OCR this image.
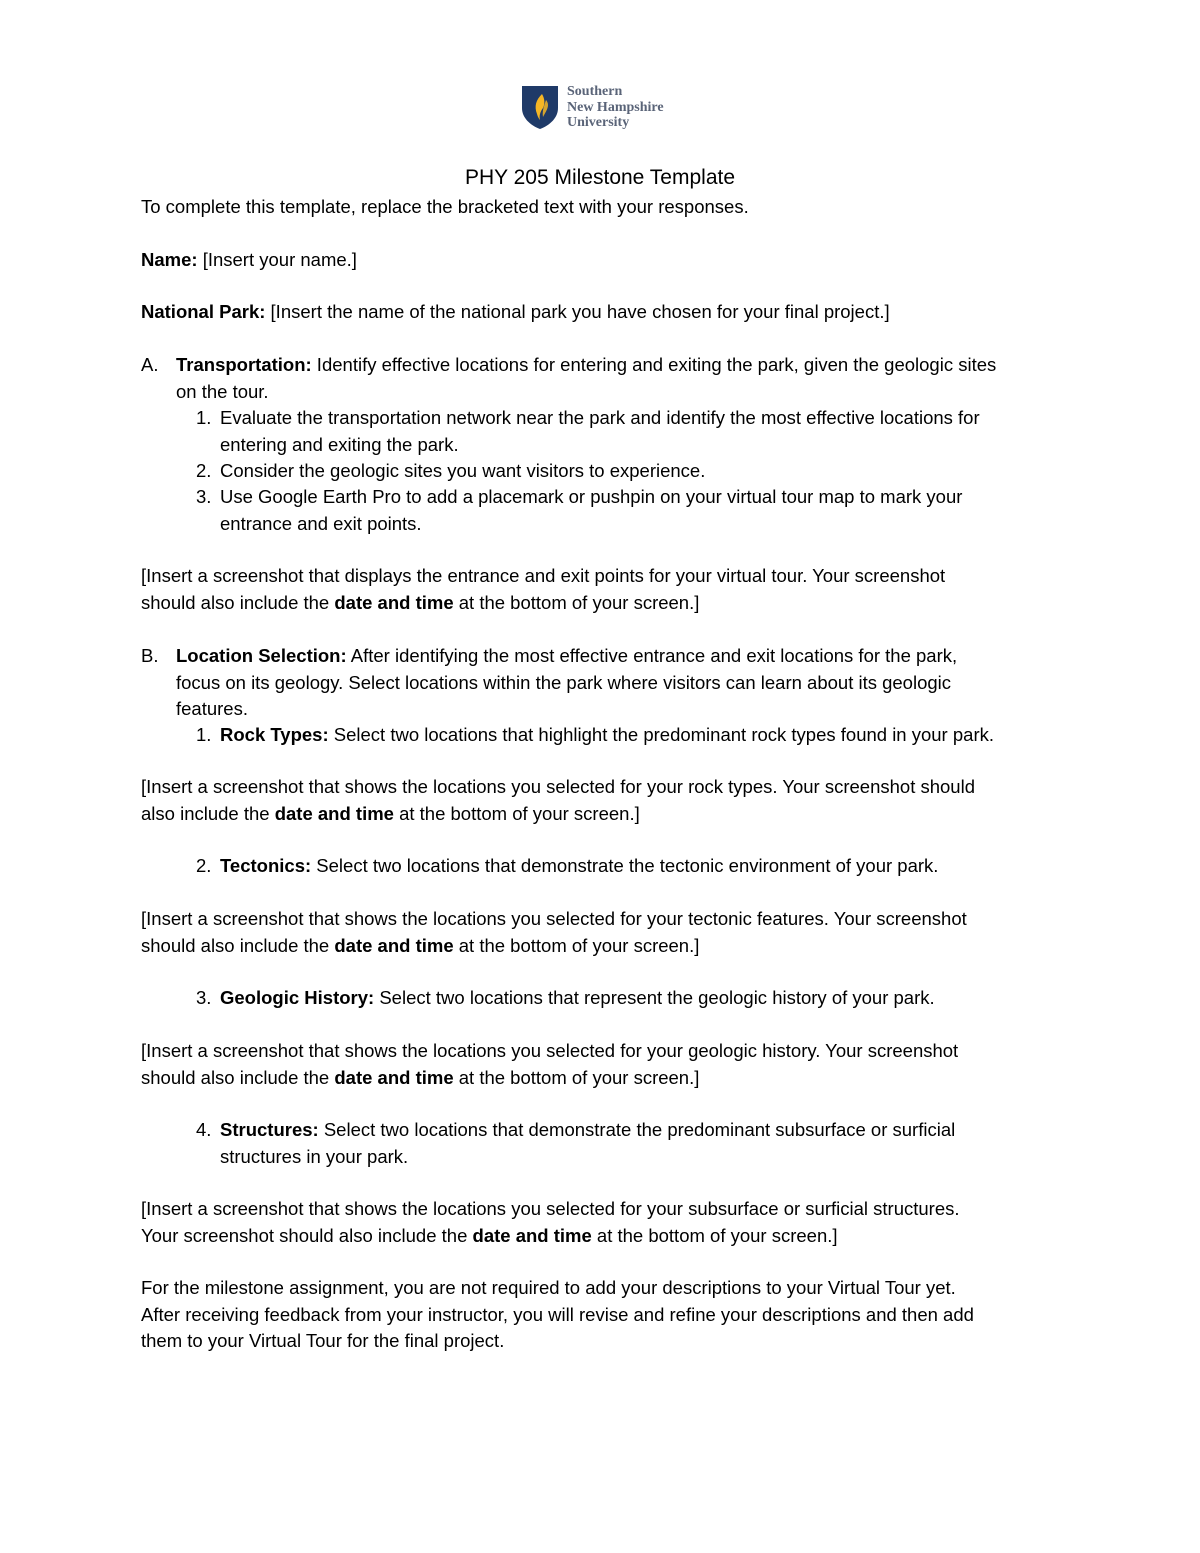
Southern
New Hampshire
University
PHY 205 Milestone Template
To complete this template, replace the bracketed text with your responses.
Name: [Insert your name.]
National Park: [Insert the name of the national park you have chosen for your final project.]
A. Transportation: Identify effective locations for entering and exiting the park, given the geologic sites
on the tour.
1. Evaluate the transportation network near the park and identify the most effective locations for
entering and exiting the park.
2. Consider the geologic sites you want visitors to experience.
3. Use Google Earth Pro to add a placemark or pushpin on your virtual tour map to mark your
entrance and exit points.
[Insert a screenshot that displays the entrance and exit points for your virtual tour. Your screenshot
should also include the date and time at the bottom of your screen.]
B. Location Selection: After identifying the most effective entrance and exit locations for the park,
focus on its geology. Select locations within the park where visitors can learn about its geologic
features.
1. Rock Types: Select two locations that highlight the predominant rock types found in your park.
[Insert a screenshot that shows the locations you selected for your rock types. Your screenshot should
also include the date and time at the bottom of your screen.]
2. Tectonics: Select two locations that demonstrate the tectonic environment of your park.
[Insert a screenshot that shows the locations you selected for your tectonic features. Your screenshot
should also include the date and time at the bottom of your screen.]
3. Geologic History: Select two locations that represent the geologic history of your park.
[Insert a screenshot that shows the locations you selected for your geologic history. Your screenshot
should also include the date and time at the bottom of your screen.]
4. Structures: Select two locations that demonstrate the predominant subsurface or surficial
structures in your park.
[Insert a screenshot that shows the locations you selected for your subsurface or surficial structures.
Your screenshot should also include the date and time at the bottom of your screen.]
For the milestone assignment, you are not required to add your descriptions to your Virtual Tour yet.
After receiving feedback from your instructor, you will revise and refine your descriptions and then add
them to your Virtual Tour for the final project.
